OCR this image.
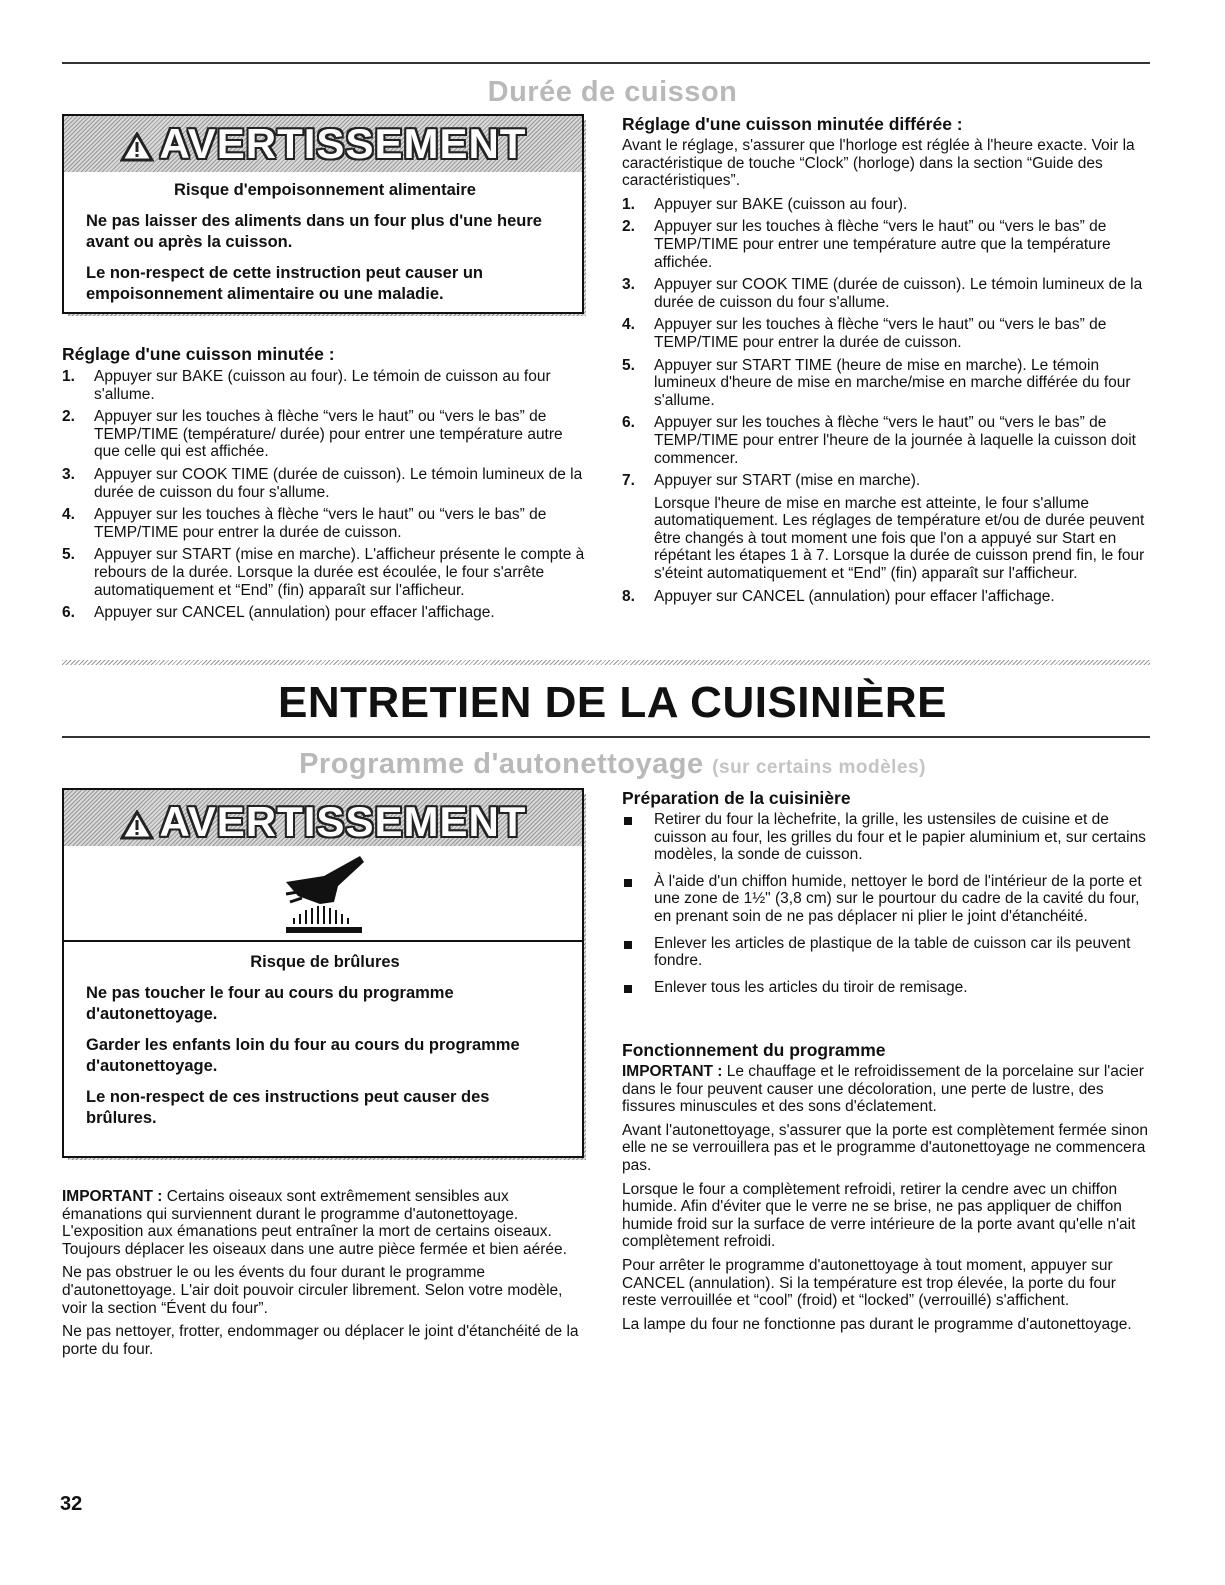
Durée de cuisson
AVERTISSEMENT
Risque d'empoisonnement alimentaire

Ne pas laisser des aliments dans un four plus d'une heure avant ou après la cuisson.

Le non-respect de cette instruction peut causer un empoisonnement alimentaire ou une maladie.

Réglage d'une cuisson minutée :
1. Appuyer sur BAKE (cuisson au four). Le témoin de cuisson au four s'allume.
2. Appuyer sur les touches à flèche “vers le haut” ou “vers le bas” de TEMP/TIME (température/ durée) pour entrer une température autre que celle qui est affichée.
3. Appuyer sur COOK TIME (durée de cuisson). Le témoin lumineux de la durée de cuisson du four s'allume.
4. Appuyer sur les touches à flèche “vers le haut” ou “vers le bas” de TEMP/TIME pour entrer la durée de cuisson.
5. Appuyer sur START (mise en marche). L'afficheur présente le compte à rebours de la durée. Lorsque la durée est écoulée, le four s'arrête automatiquement et “End” (fin) apparaît sur l'afficheur.
6. Appuyer sur CANCEL (annulation) pour effacer l'affichage.
Réglage d'une cuisson minutée différée :

Avant le réglage, s'assurer que l'horloge est réglée à l'heure exacte. Voir la caractéristique de touche “Clock” (horloge) dans la section “Guide des caractéristiques”.

1. Appuyer sur BAKE (cuisson au four).
2. Appuyer sur les touches à flèche “vers le haut” ou “vers le bas” de TEMP/TIME pour entrer une température autre que la température affichée.
3. Appuyer sur COOK TIME (durée de cuisson). Le témoin lumineux de la durée de cuisson du four s'allume.
4. Appuyer sur les touches à flèche “vers le haut” ou “vers le bas” de TEMP/TIME pour entrer la durée de cuisson.
5. Appuyer sur START TIME (heure de mise en marche). Le témoin lumineux d'heure de mise en marche/mise en marche différée du four s'allume.
6. Appuyer sur les touches à flèche “vers le haut” ou “vers le bas” de TEMP/TIME pour entrer l'heure de la journée à laquelle la cuisson doit commencer.
7. Appuyer sur START (mise en marche).

Lorsque l'heure de mise en marche est atteinte, le four s'allume automatiquement. Les réglages de température et/ou de durée peuvent être changés à tout moment une fois que l'on a appuyé sur Start en répétant les étapes 1 à 7. Lorsque la durée de cuisson prend fin, le four s'éteint automatiquement et “End” (fin) apparaît sur l'afficheur.

8. Appuyer sur CANCEL (annulation) pour effacer l'affichage.
ENTRETIEN DE LA CUISINIÈRE
Programme d'autonettoyage (sur certains modèles)
AVERTISSEMENT
Risque de brûlures

Ne pas toucher le four au cours du programme d'autonettoyage.

Garder les enfants loin du four au cours du programme d'autonettoyage.

Le non-respect de ces instructions peut causer des brûlures.

IMPORTANT : Certains oiseaux sont extrêmement sensibles aux émanations qui surviennent durant le programme d'autonettoyage. L'exposition aux émanations peut entraîner la mort de certains oiseaux. Toujours déplacer les oiseaux dans une autre pièce fermée et bien aérée.

Ne pas obstruer le ou les évents du four durant le programme d'autonettoyage. L'air doit pouvoir circuler librement. Selon votre modèle, voir la section “Évent du four”.

Ne pas nettoyer, frotter, endommager ou déplacer le joint d'étanchéité de la porte du four.

Préparation de la cuisinière
Retirer du four la lèchefrite, la grille, les ustensiles de cuisine et de cuisson au four, les grilles du four et le papier aluminium et, sur certains modèles, la sonde de cuisson.
À l'aide d'un chiffon humide, nettoyer le bord de l'intérieur de la porte et une zone de 1½" (3,8 cm) sur le pourtour du cadre de la cavité du four, en prenant soin de ne pas déplacer ni plier le joint d'étanchéité.
Enlever les articles de plastique de la table de cuisson car ils peuvent fondre.
Enlever tous les articles du tiroir de remisage.
Fonctionnement du programme

IMPORTANT : Le chauffage et le refroidissement de la porcelaine sur l'acier dans le four peuvent causer une décoloration, une perte de lustre, des fissures minuscules et des sons d'éclatement.

Avant l'autonettoyage, s'assurer que la porte est complètement fermée sinon elle ne se verrouillera pas et le programme d'autonettoyage ne commencera pas.

Lorsque le four a complètement refroidi, retirer la cendre avec un chiffon humide. Afin d'éviter que le verre ne se brise, ne pas appliquer de chiffon humide froid sur la surface de verre intérieure de la porte avant qu'elle n'ait complètement refroidi.

Pour arrêter le programme d'autonettoyage à tout moment, appuyer sur CANCEL (annulation). Si la température est trop élevée, la porte du four reste verrouillée et “cool” (froid) et “locked” (verrouillé) s'affichent.

La lampe du four ne fonctionne pas durant le programme d'autonettoyage.

32
